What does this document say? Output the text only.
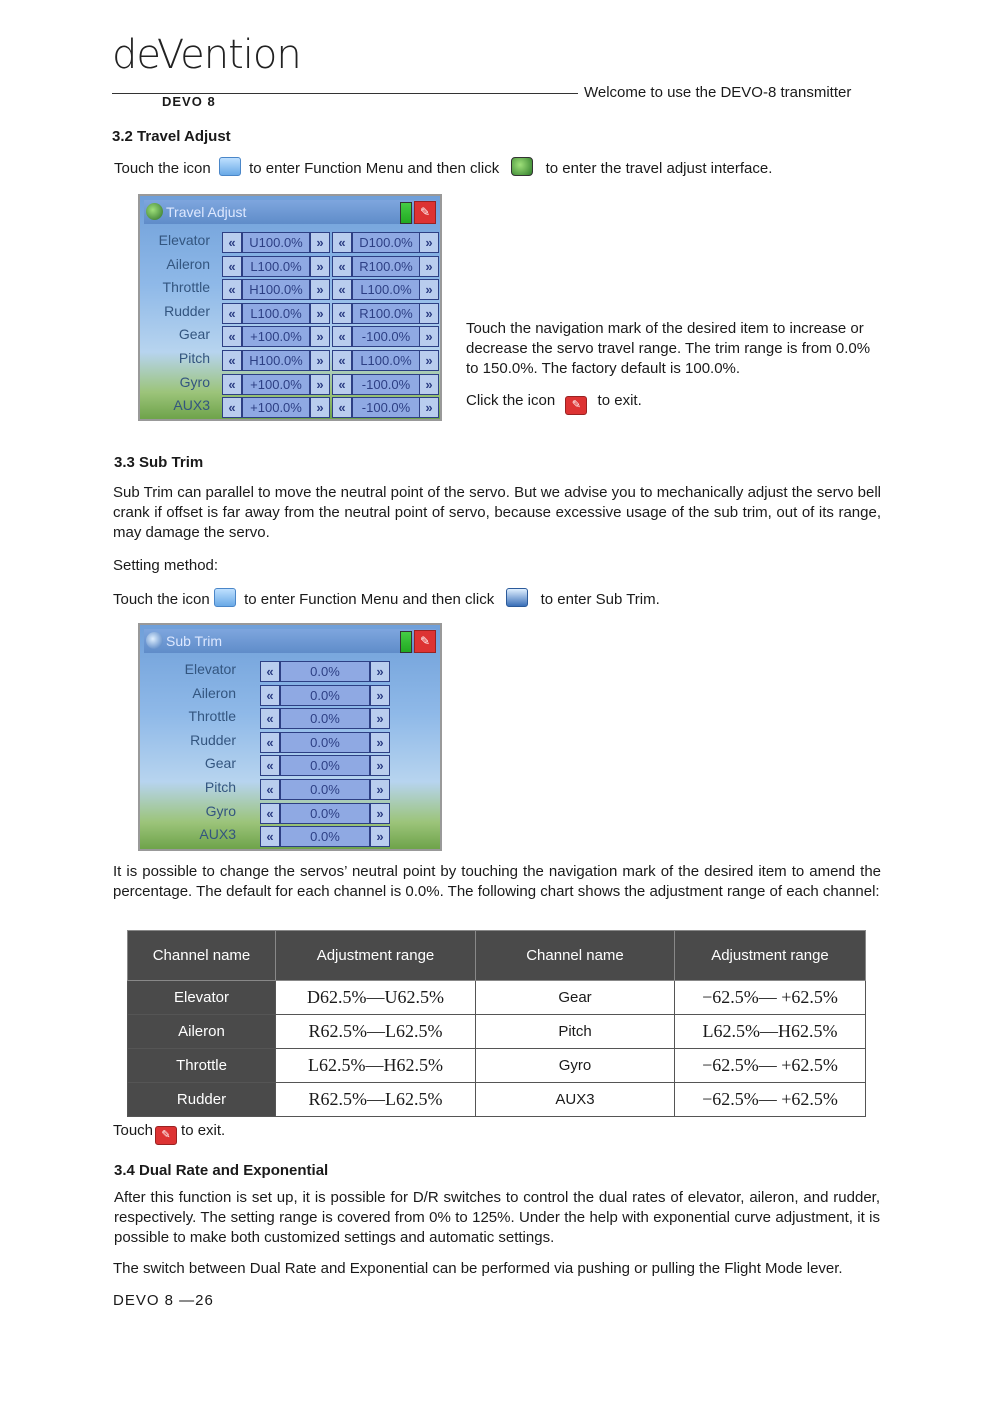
deVention
DEVO 8
Welcome to use the DEVO-8 transmitter
3.2 Travel Adjust

Touch the icon	to enter Function Menu and then click	to enter the travel adjust interface.

Travel Adjust	✎
Elevator	«	U100.0%	»	«	D100.0% »
Aileron	«	L100.0%	»	«	R100.0% »
Throttle	«	H100.0%	»	«	L100.0%	»
Rudder	«	L100.0%	»	«	R100.0% »
Gear	«	+100.0%	»	«	-100.0%	»
Pitch	«	H100.0%	»	«	L100.0%	»
Gyro	«	+100.0%	»	«	-100.0%	»
AUX3	«	+100.0%	»	«	-100.0%	»

Touch the navigation mark of the desired item to increase or decrease the servo travel range. The trim range is from 0.0% to 150.0%. The factory default is 100.0%.

Click the icon ✎ to exit.

3.3 Sub Trim

Sub Trim can parallel to move the neutral point of the servo. But we advise you to mechanically adjust the servo bell crank if offset is far away from the neutral point of servo, because excessive usage of the sub trim, out of its range, may damage the servo.

Setting method:

Touch the icon to enter Function Menu and then click	to enter Sub Trim.

Sub Trim	✎
Elevator	«	0.0%	»
Aileron	«	0.0%	»
Throttle	«	0.0%	»
Rudder	«	0.0%	»
Gear	«	0.0%	»
Pitch	«	0.0%	»
Gyro	«	0.0%	»
AUX3	«	0.0%	»

It is possible to change the servos’ neutral point by touching the navigation mark of the desired item to amend the percentage. The default for each channel is 0.0%. The following chart shows the adjustment range of each channel:

Channel name	Adjustment range	Channel name	Adjustment range
Elevator	D62.5%—U62.5%	Gear	−62.5%— +62.5%
Aileron	R62.5%—L62.5%	Pitch	L62.5%—H62.5%
Throttle	L62.5%—H62.5%	Gyro	−62.5%— +62.5%
Rudder	R62.5%—L62.5%	AUX3	−62.5%— +62.5%

Touch ✎ to exit.

3.4 Dual Rate and Exponential

After this function is set up, it is possible for D/R switches to control the dual rates of elevator, aileron, and rudder, respectively. The setting range is covered from 0% to 125%. Under the help with exponential curve adjustment, it is possible to make both customized settings and automatic settings.

The switch between Dual Rate and Exponential can be performed via pushing or pulling the Flight Mode lever.

DEVO 8 —26
